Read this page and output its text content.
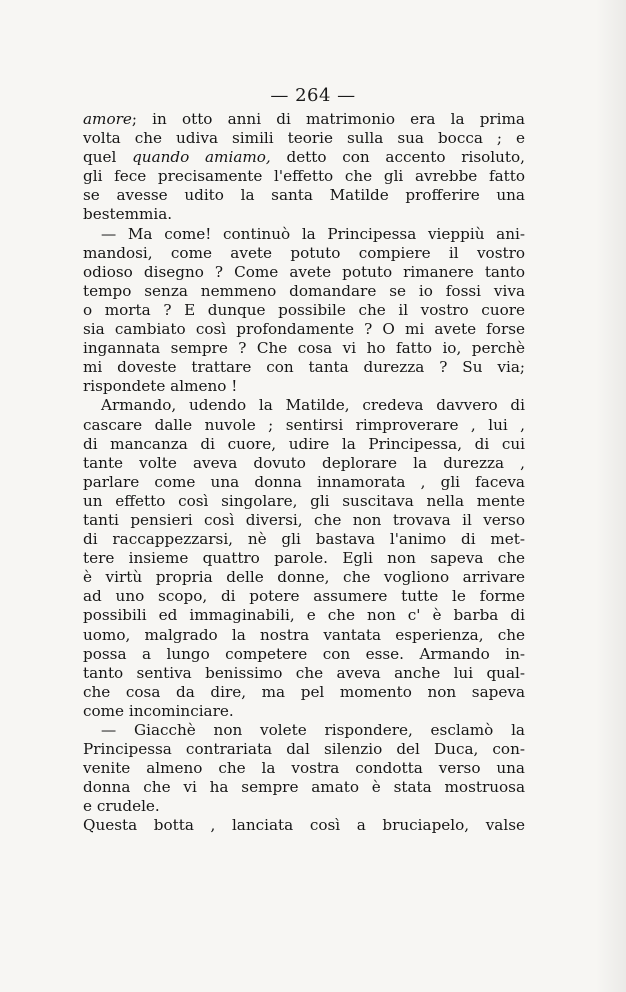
— 264 —
amore; in otto anni di matrimonio era la prima
volta che udiva simili teorie sulla sua bocca ; e
quel quando amiamo, detto con accento risoluto,
gli fece precisamente l'effetto che gli avrebbe fatto
se avesse udito la santa Matilde profferire una
bestemmia.
— Ma come! continuò la Principessa vieppiù ani-
mandosi, come avete potuto compiere il vostro
odioso disegno ? Come avete potuto rimanere tanto
tempo senza nemmeno domandare se io fossi viva
o morta ? E dunque possibile che il vostro cuore
sia cambiato così profondamente ? O mi avete forse
ingannata sempre ? Che cosa vi ho fatto io, perchè
mi doveste trattare con tanta durezza ? Su via;
rispondete almeno !
Armando, udendo la Matilde, credeva davvero di
cascare dalle nuvole ; sentirsi rimproverare , lui ,
di mancanza di cuore, udire la Principessa, di cui
tante volte aveva dovuto deplorare la durezza ,
parlare come una donna innamorata , gli faceva
un effetto così singolare, gli suscitava nella mente
tanti pensieri così diversi, che non trovava il verso
di raccappezzarsi, nè gli bastava l'animo di met-
tere insieme quattro parole. Egli non sapeva che
è virtù propria delle donne, che vogliono arrivare
ad uno scopo, di potere assumere tutte le forme
possibili ed immaginabili, e che non c' è barba di
uomo, malgrado la nostra vantata esperienza, che
possa a lungo competere con esse. Armando in-
tanto sentiva benissimo che aveva anche lui qual-
che cosa da dire, ma pel momento non sapeva
come incominciare.
— Giacchè non volete rispondere, esclamò la
Principessa contrariata dal silenzio del Duca, con-
venite almeno che la vostra condotta verso una
donna che vi ha sempre amato è stata mostruosa
e crudele.
Questa botta , lanciata così a bruciapelo, valse
